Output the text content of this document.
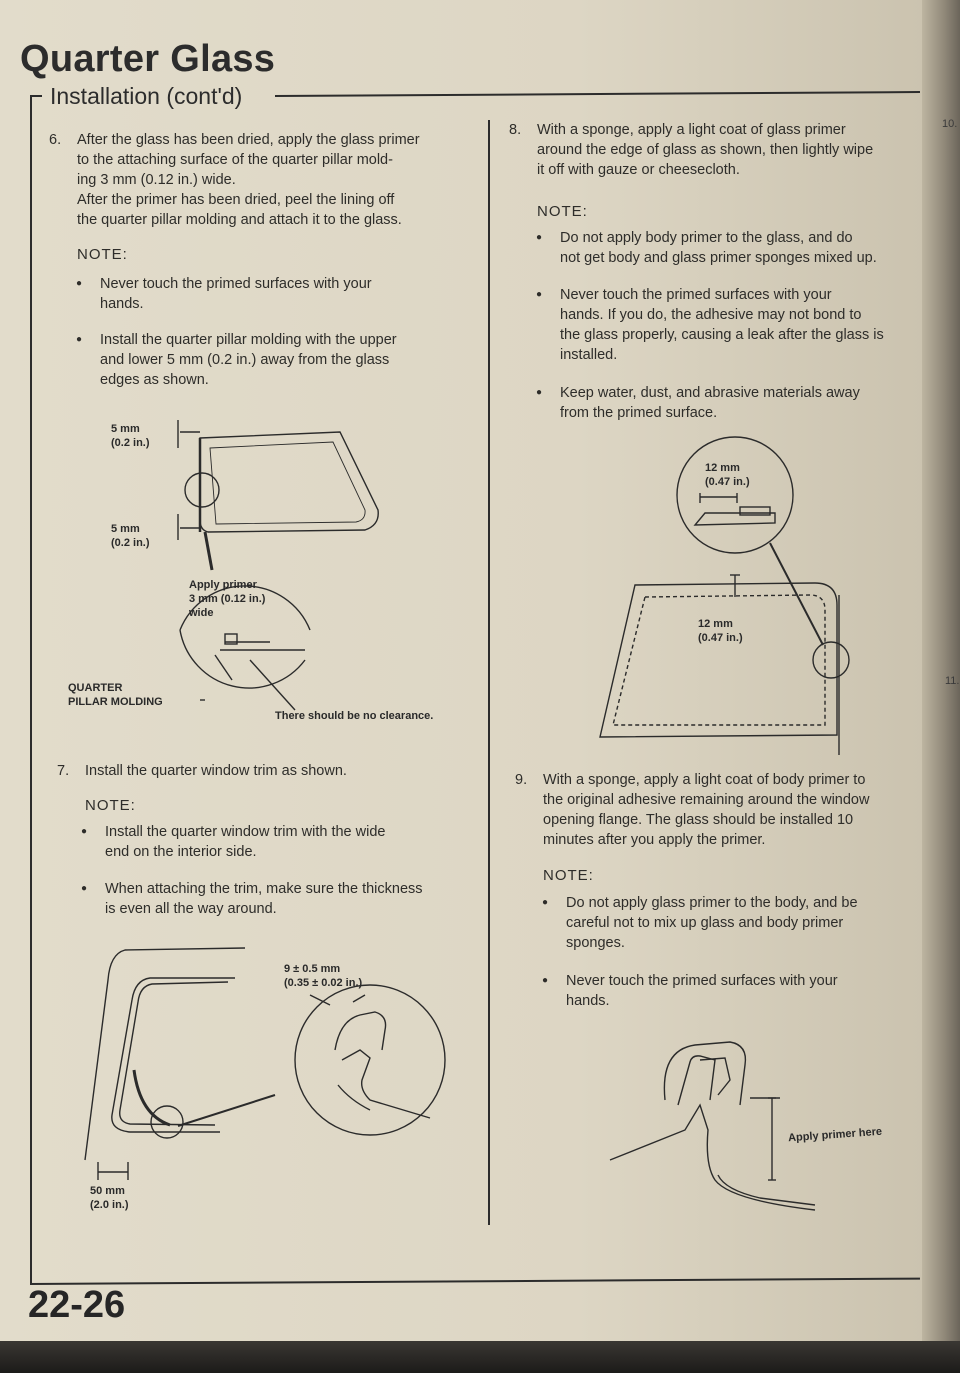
Quarter Glass
Installation (cont'd)
10.
11.
6. After the glass has been dried, apply the glass primer
to the attaching surface of the quarter pillar mold-
ing 3 mm (0.12 in.) wide.
After the primer has been dried, peel the lining off
the quarter pillar molding and attach it to the glass.
NOTE:
● Never touch the primed surfaces with your
hands.
● Install the quarter pillar molding with the upper
and lower 5 mm (0.2 in.) away from the glass
edges as shown.
5 mm
(0.2 in.)
5 mm
(0.2 in.)
Apply primer
3 mm (0.12 in.)
wide
QUARTER
PILLAR MOLDING
There should be no clearance.
7. Install the quarter window trim as shown.
NOTE:
● Install the quarter window trim with the wide
end on the interior side.
● When attaching the trim, make sure the thickness
is even all the way around.
9 ± 0.5 mm
(0.35 ± 0.02 in.)
50 mm
(2.0 in.)
8. With a sponge, apply a light coat of glass primer
around the edge of glass as shown, then lightly wipe
it off with gauze or cheesecloth.
NOTE:
● Do not apply body primer to the glass, and do
not get body and glass primer sponges mixed up.
● Never touch the primed surfaces with your
hands. If you do, the adhesive may not bond to
the glass properly, causing a leak after the glass is
installed.
● Keep water, dust, and abrasive materials away
from the primed surface.
12 mm
(0.47 in.)
12 mm
(0.47 in.)
9. With a sponge, apply a light coat of body primer to
the original adhesive remaining around the window
opening flange. The glass should be installed 10
minutes after you apply the primer.
NOTE:
● Do not apply glass primer to the body, and be
careful not to mix up glass and body primer
sponges.
● Never touch the primed surfaces with your
hands.
Apply primer here
22-26
